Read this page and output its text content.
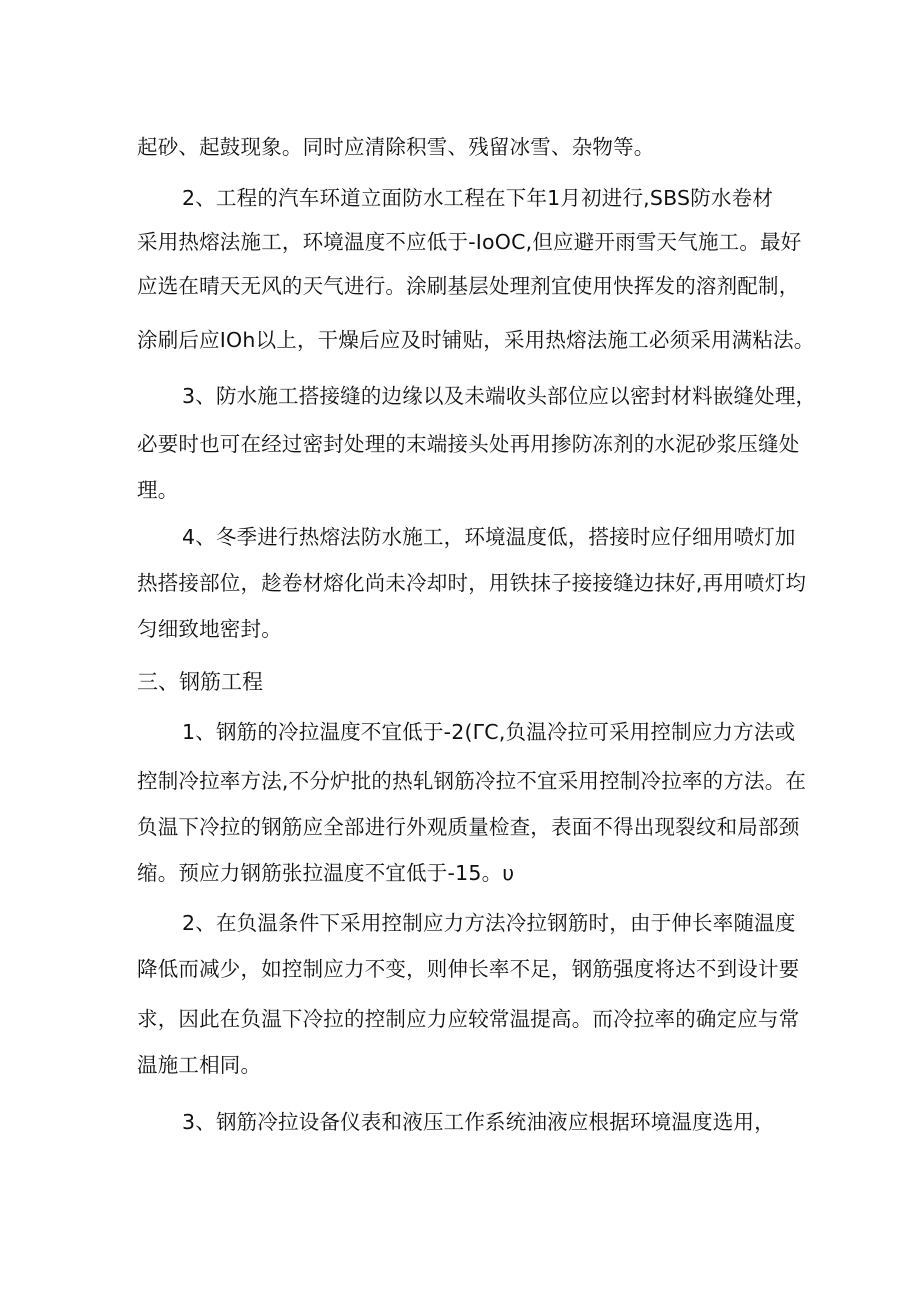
起砂、起鼓现象。同时应清除积雪、残留冰雪、杂物等。

2、工程的汽车环道立面防水工程在下年1月初进行,SBS防水卷材

采用热熔法施工，环境温度不应低于-IoOC,但应避开雨雪天气施工。最好

应选在晴天无风的天气进行。涂刷基层处理剂宜使用快挥发的溶剂配制，

涂刷后应IOh以上，干燥后应及时铺贴，采用热熔法施工必须采用满粘法。

3、防水施工搭接缝的边缘以及未端收头部位应以密封材料嵌缝处理，

必要时也可在经过密封处理的末端接头处再用掺防冻剂的水泥砂浆压缝处

理。

4、冬季进行热熔法防水施工，环境温度低，搭接时应仔细用喷灯加

热搭接部位，趁卷材熔化尚未冷却时，用铁抹子接接缝边抹好,再用喷灯均

匀细致地密封。

三、钢筋工程

1、钢筋的冷拉温度不宜低于-2(ΓC,负温冷拉可采用控制应力方法或

控制冷拉率方法,不分炉批的热轧钢筋冷拉不宜采用控制冷拉率的方法。在

负温下冷拉的钢筋应全部进行外观质量检查，表面不得出现裂纹和局部颈

缩。预应力钢筋张拉温度不宜低于-15。υ

2、在负温条件下采用控制应力方法冷拉钢筋时，由于伸长率随温度

降低而减少，如控制应力不变，则伸长率不足，钢筋强度将达不到设计要

求，因此在负温下冷拉的控制应力应较常温提高。而冷拉率的确定应与常

温施工相同。

3、钢筋冷拉设备仪表和液压工作系统油液应根据环境温度选用，
